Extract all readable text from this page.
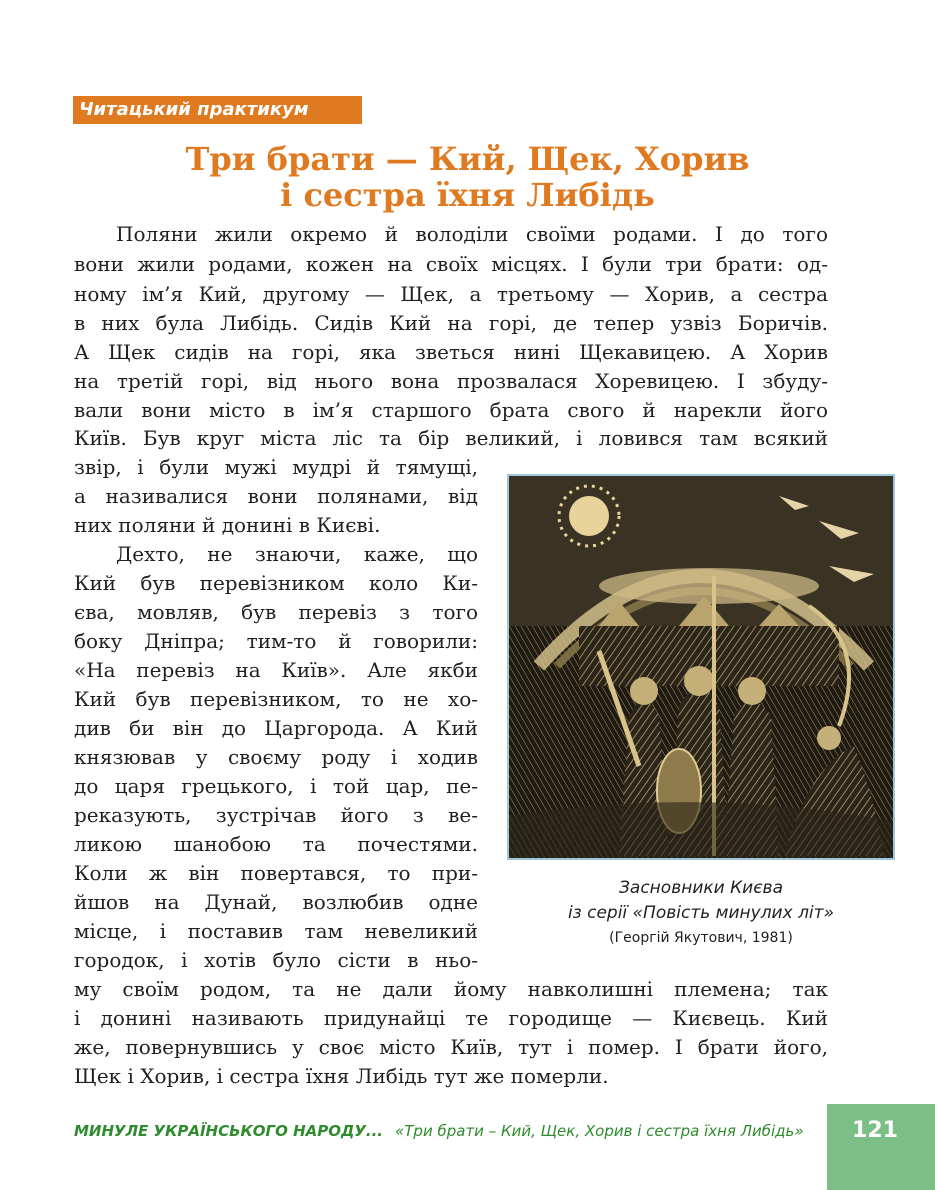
Читацький практикум
Три брати — Кий, Щек, Хорив
і сестра їхня Либідь
Поляни жили окремо й володіли своїми родами. І до того
вони жили родами, кожен на своїх місцях. І були три брати: од-
ному ім’я Кий, другому — Щек, а третьому — Хорив, а сестра
в них була Либідь. Сидів Кий на горі, де тепер узвіз Боричів.
А Щек сидів на горі, яка зветься нині Щекавицею. А Хорив
на третій горі, від нього вона прозвалася Хоревицею. І збуду-
вали вони місто в ім’я старшого брата свого й нарекли його
Київ. Був круг міста ліс та бір великий, і ловився там всякий
звір, і були мужі мудрі й тямущі,
а називалися вони полянами, від
них поляни й донині в Києві.
Дехто, не знаючи, каже, що
Кий був перевізником коло Ки-
єва, мовляв, був перевіз з того
боку Дніпра; тим-то й говорили:
«На перевіз на Київ». Але якби
Кий був перевізником, то не хо-
див би він до Царгорода. А Кий
князював у своєму роду і ходив
до царя грецького, і той цар, пе-
реказують, зустрічав його з ве-
ликою шанобою та почестями.
Коли ж він повертався, то при-
йшов на Дунай, возлюбив одне
місце, і поставив там невеликий
городок, і хотів було сісти в ньо-
му своїм родом, та не дали йому навколишні племена; так
і донині називають придунайці те городище — Києвець. Кий
же, повернувшись у своє місто Київ, тут і помер. І брати його,
Щек і Хорив, і сестра їхня Либідь тут же померли.
Засновники Києва
із серії «Повість минулих літ»
(Георгій Якутович, 1981)
МИНУЛЕ УКРАЇНСЬКОГО НАРОДУ... «Три брати – Кий, Щек, Хорив і сестра їхня Либідь»	121
